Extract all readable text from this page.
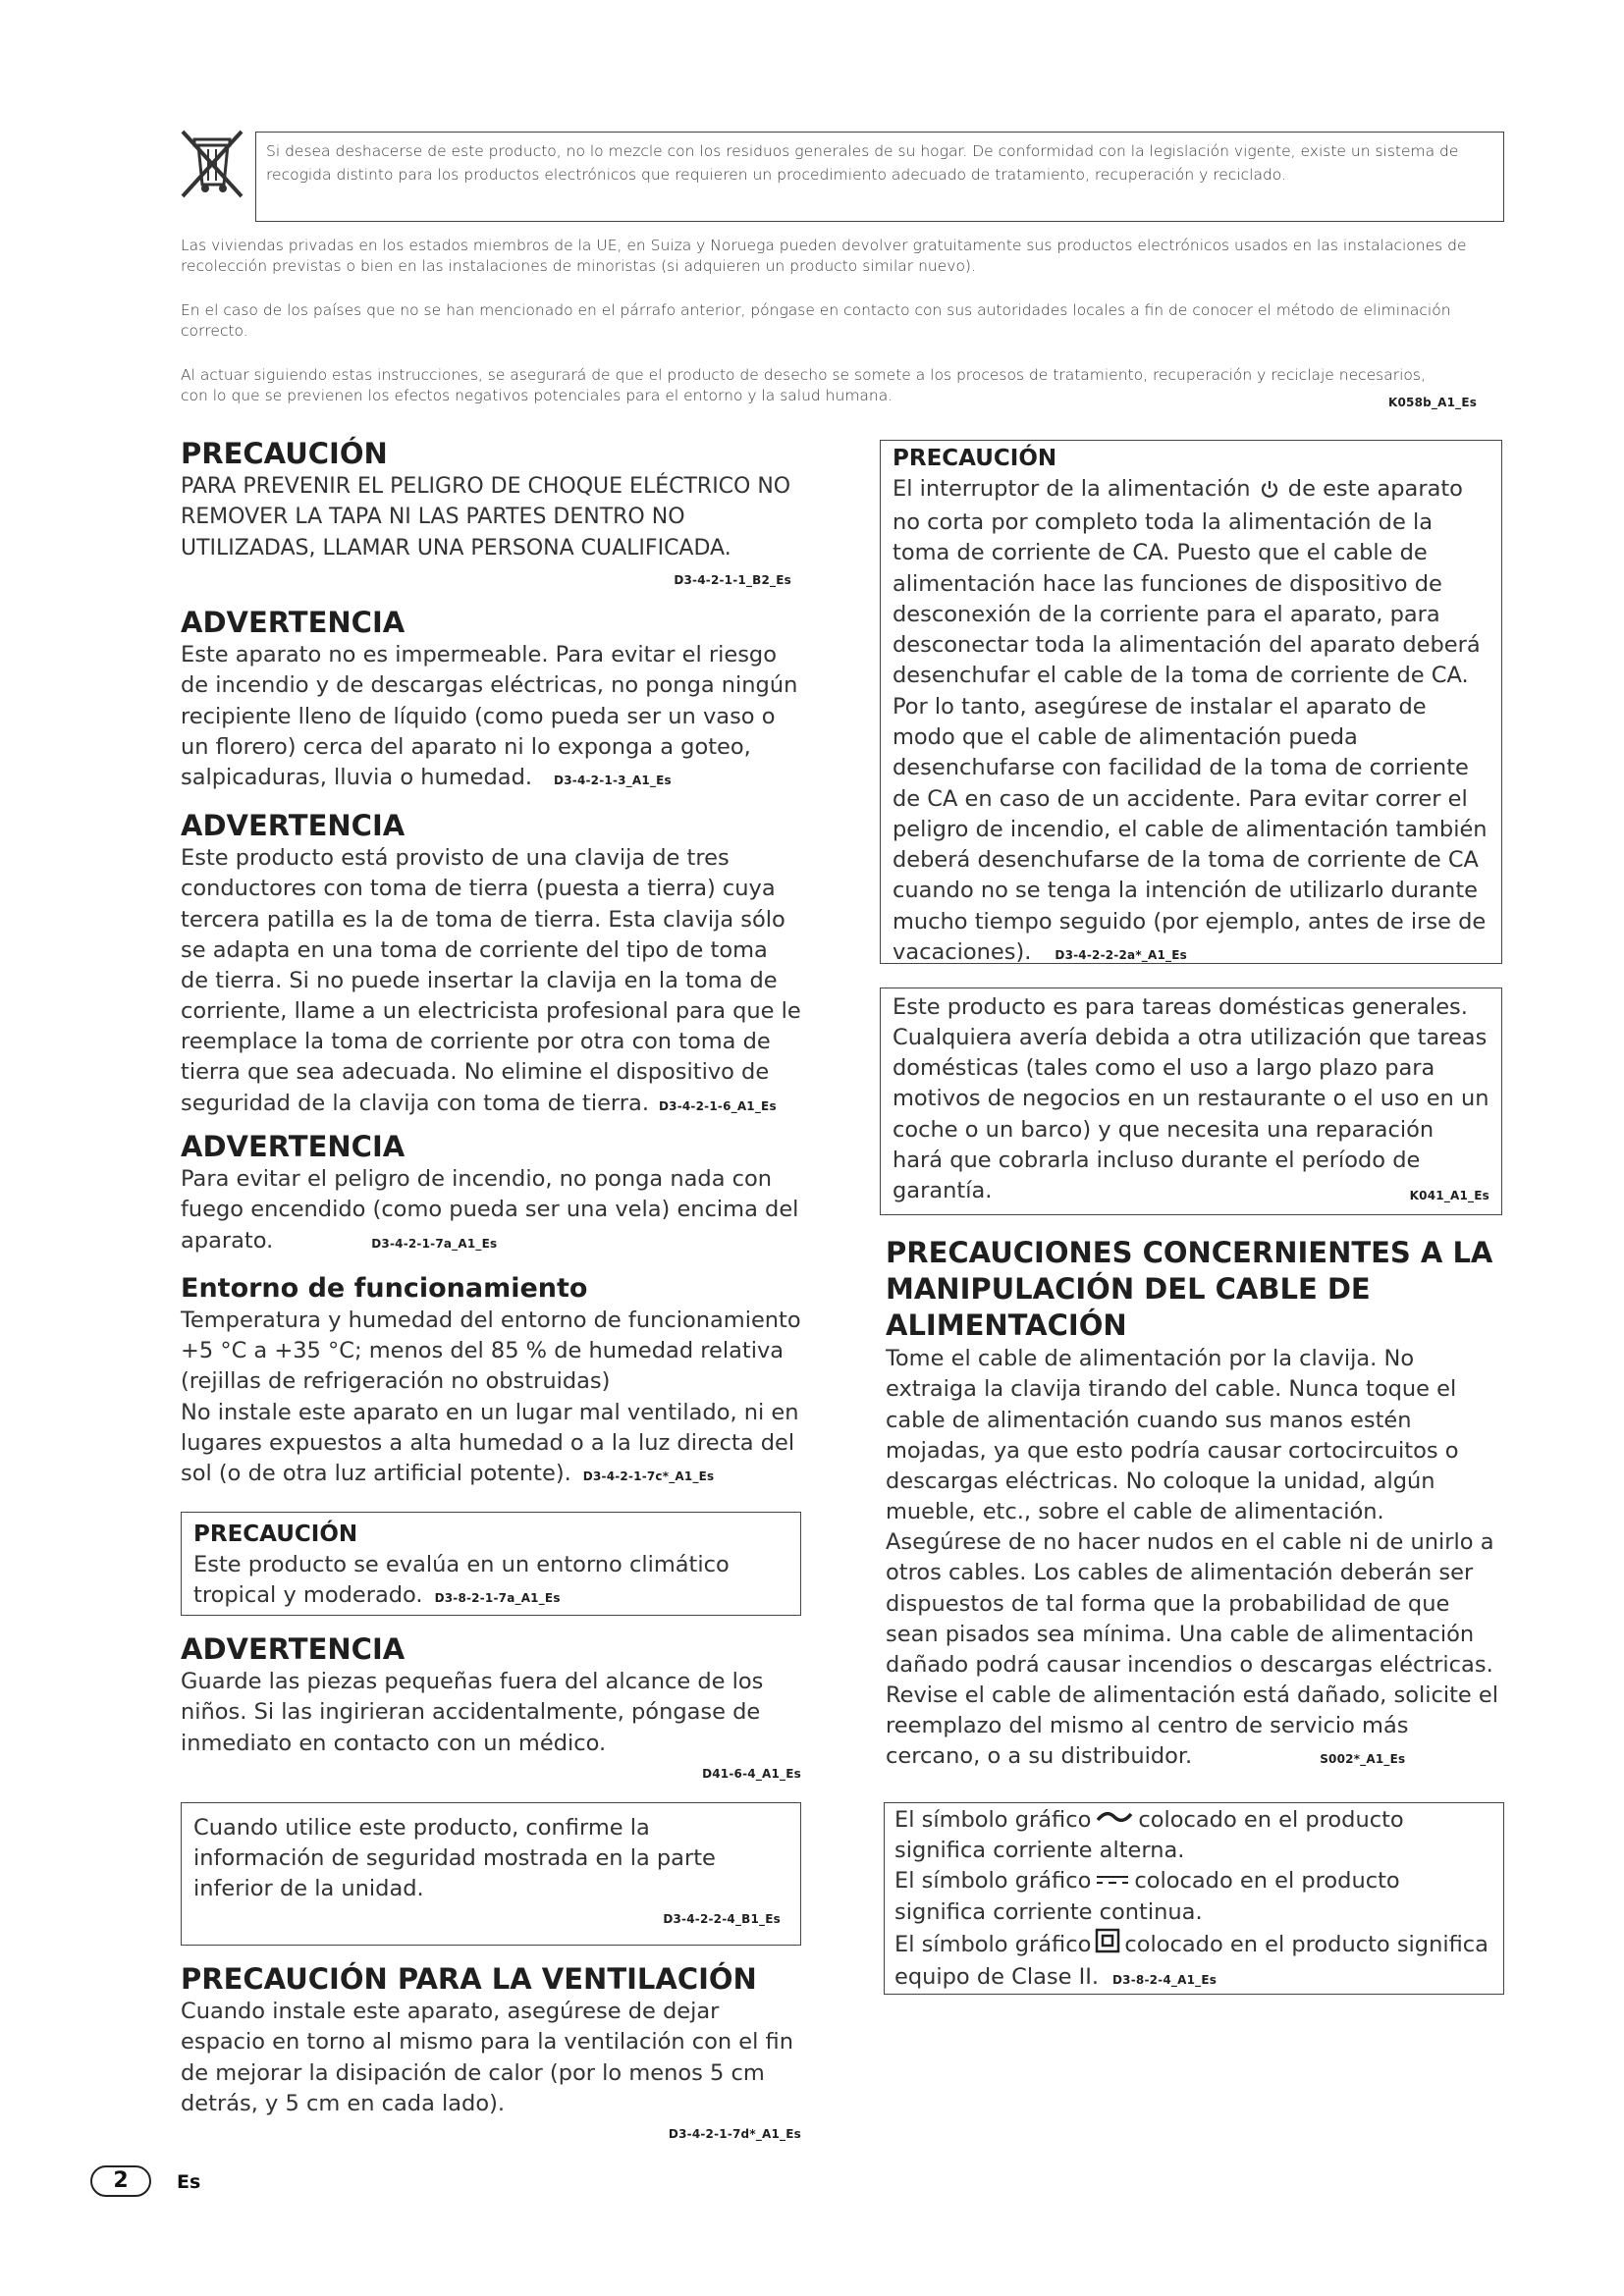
Si desea deshacerse de este producto, no lo mezcle con los residuos generales de su hogar. De conformidad con la legislación vigente, existe un sistema de recogida distinto para los productos electrónicos que requieren un procedimiento adecuado de tratamiento, recuperación y reciclado.
Las viviendas privadas en los estados miembros de la UE, en Suiza y Noruega pueden devolver gratuitamente sus productos electrónicos usados en las instalaciones de recolección previstas o bien en las instalaciones de minoristas (si adquieren un producto similar nuevo).
En el caso de los países que no se han mencionado en el párrafo anterior, póngase en contacto con sus autoridades locales a fin de conocer el método de eliminación correcto.
Al actuar siguiendo estas instrucciones, se asegurará de que el producto de desecho se somete a los procesos de tratamiento, recuperación y reciclaje necesarios, con lo que se previenen los efectos negativos potenciales para el entorno y la salud humana.	K058b_A1_Es
PRECAUCIÓN
PARA PREVENIR EL PELIGRO DE CHOQUE ELÉCTRICO NO REMOVER LA TAPA NI LAS PARTES DENTRO NO UTILIZADAS, LLAMAR UNA PERSONA CUALIFICADA.
D3-4-2-1-1_B2_Es
ADVERTENCIA
Este aparato no es impermeable. Para evitar el riesgo de incendio y de descargas eléctricas, no ponga ningún recipiente lleno de líquido (como pueda ser un vaso o un florero) cerca del aparato ni lo exponga a goteo, salpicaduras, lluvia o humedad. D3-4-2-1-3_A1_Es
ADVERTENCIA
Este producto está provisto de una clavija de tres conductores con toma de tierra (puesta a tierra) cuya tercera patilla es la de toma de tierra. Esta clavija sólo se adapta en una toma de corriente del tipo de toma de tierra. Si no puede insertar la clavija en la toma de corriente, llame a un electricista profesional para que le reemplace la toma de corriente por otra con toma de tierra que sea adecuada. No elimine el dispositivo de seguridad de la clavija con toma de tierra. D3-4-2-1-6_A1_Es
ADVERTENCIA
Para evitar el peligro de incendio, no ponga nada con fuego encendido (como pueda ser una vela) encima del aparato.	D3-4-2-1-7a_A1_Es
Entorno de funcionamiento
Temperatura y humedad del entorno de funcionamiento +5 °C a +35 °C; menos del 85 % de humedad relativa (rejillas de refrigeración no obstruidas)
No instale este aparato en un lugar mal ventilado, ni en lugares expuestos a alta humedad o a la luz directa del sol (o de otra luz artificial potente). D3-4-2-1-7c*_A1_Es
PRECAUCIÓN
Este producto se evalúa en un entorno climático tropical y moderado. D3-8-2-1-7a_A1_Es
ADVERTENCIA
Guarde las piezas pequeñas fuera del alcance de los niños. Si las ingirieran accidentalmente, póngase de inmediato en contacto con un médico.
D41-6-4_A1_Es
Cuando utilice este producto, confirme la información de seguridad mostrada en la parte inferior de la unidad.
D3-4-2-2-4_B1_Es
PRECAUCIÓN PARA LA VENTILACIÓN
Cuando instale este aparato, asegúrese de dejar espacio en torno al mismo para la ventilación con el fin de mejorar la disipación de calor (por lo menos 5 cm detrás, y 5 cm en cada lado).
D3-4-2-1-7d*_A1_Es
PRECAUCIÓN
El interruptor de la alimentación de este aparato no corta por completo toda la alimentación de la toma de corriente de CA. Puesto que el cable de alimentación hace las funciones de dispositivo de desconexión de la corriente para el aparato, para desconectar toda la alimentación del aparato deberá desenchufar el cable de la toma de corriente de CA. Por lo tanto, asegúrese de instalar el aparato de modo que el cable de alimentación pueda desenchufarse con facilidad de la toma de corriente de CA en caso de un accidente. Para evitar correr el peligro de incendio, el cable de alimentación también deberá desenchufarse de la toma de corriente de CA cuando no se tenga la intención de utilizarlo durante mucho tiempo seguido (por ejemplo, antes de irse de vacaciones). D3-4-2-2-2a*_A1_Es
Este producto es para tareas domésticas generales. Cualquiera avería debida a otra utilización que tareas domésticas (tales como el uso a largo plazo para motivos de negocios en un restaurante o el uso en un coche o un barco) y que necesita una reparación hará que cobrarla incluso durante el período de garantía.	K041_A1_Es
PRECAUCIONES CONCERNIENTES A LA MANIPULACIÓN DEL CABLE DE ALIMENTACIÓN
Tome el cable de alimentación por la clavija. No extraiga la clavija tirando del cable. Nunca toque el cable de alimentación cuando sus manos estén mojadas, ya que esto podría causar cortocircuitos o descargas eléctricas. No coloque la unidad, algún mueble, etc., sobre el cable de alimentación. Asegúrese de no hacer nudos en el cable ni de unirlo a otros cables. Los cables de alimentación deberán ser dispuestos de tal forma que la probabilidad de que sean pisados sea mínima. Una cable de alimentación dañado podrá causar incendios o descargas eléctricas. Revise el cable de alimentación está dañado, solicite el reemplazo del mismo al centro de servicio más cercano, o a su distribuidor.	S002*_A1_Es
El símbolo gráfico colocado en el producto significa corriente alterna.
El símbolo gráfico colocado en el producto significa corriente continua.
El símbolo gráfico colocado en el producto significa equipo de Clase II. D3-8-2-4_A1_Es
2	Es
